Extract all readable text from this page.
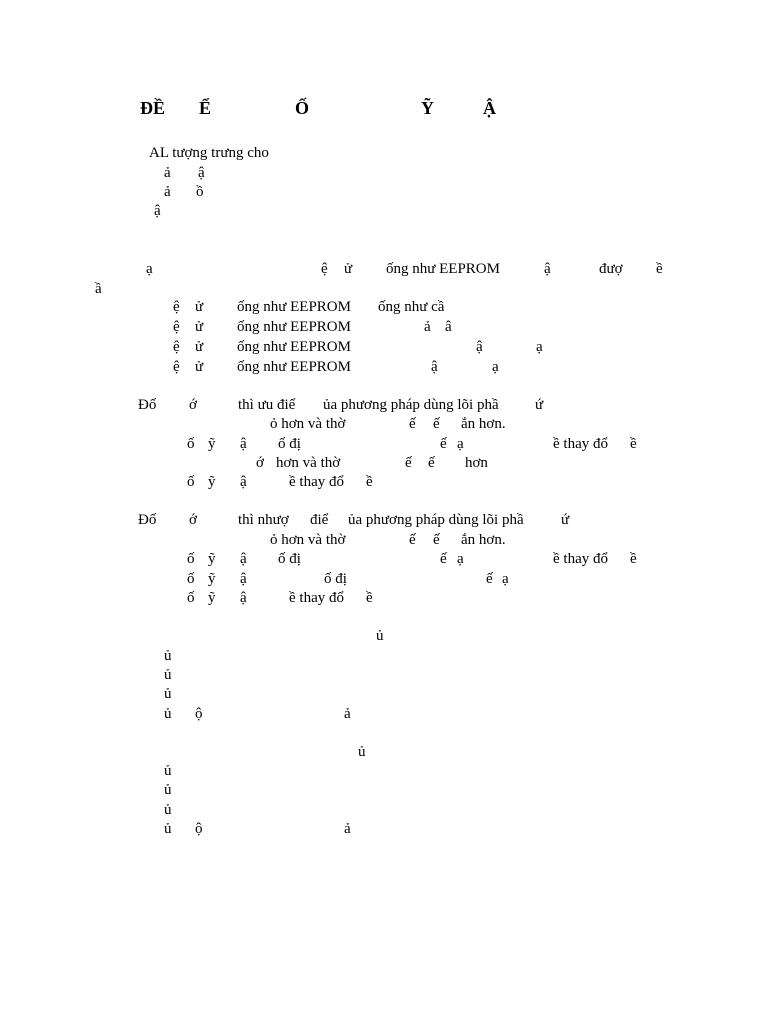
ĐỀ Ể	Ố	Ỹ	Ậ
AL tượng trưng cho
ả ậ
ả ồ
ậ
ạ	ệ ử ống như EEPROM	ậ	đượ ề
ầ
ệ ử ống như EEPROM ống như cầ
ệ ử ống như EEPROM	ả â
ệ ử ống như EEPROM	ậ	ạ
ệ ử ống như EEPROM	ậ	ạ
Đố ớ	thì ưu điể ủa phương pháp dùng lõi phầ ứ
ỏ hơn và thờ	ế ế ắn hơn.
ố ỹ ậ ố đị	ế ạ	ề thay đổ ề
ớ hơn và thờ	ế ế hơn
ố ỹ ậ	ề thay đổ ề
Đố ớ	thì nhượ điể ủa phương pháp dùng lõi phầ ứ
ỏ hơn và thờ	ế ế ắn hơn.
ố ỹ ậ ố đị	ế ạ	ề thay đổ ề
ố ỹ ậ	ố đị	ế ạ
ố ỹ ậ	ề thay đổ ề
ủ
ủ
ủ
ủ
ủ ộ	ả
ủ
ủ
ủ
ủ
ủ ộ	ả
